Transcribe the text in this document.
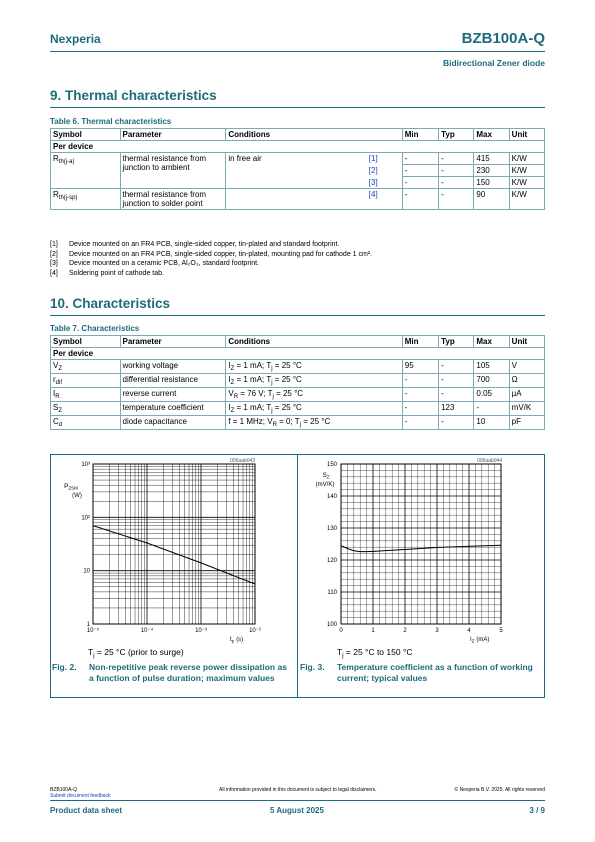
Nexperia	BZB100A-Q
Bidirectional Zener diode
9. Thermal characteristics
Table 6. Thermal characteristics
Symbol	Parameter	Conditions	Min	Typ	Max	Unit
Per device						
$R_{th(j-a)}$	thermal resistance from junction to ambient	in free air	[1] -	-	415	K/W

			[2] -	-	230	K/W

			[3] -	-	150	K/W
$R_{th(j-sp)}$	thermal resistance from junction to solder point		[4] -	-	90	K/W
[1] Device mounted on an FR4 PCB, single-sided copper, tin-plated and standard footprint.
[2] Device mounted on an FR4 PCB, single-sided copper, tin-plated, mounting pad for cathode 1 cm².
[3] Device mounted on a ceramic PCB, Al₂O₃, standard footprint.
[4] Soldering point of cathode tab.
10. Characteristics
Table 7. Characteristics
Symbol	Parameter	Conditions	Min	Typ	Max	Unit
Per device						
$V_Z$	working voltage	$I_Z = 1$ mA; $T_j = 25$ °C	95	-	105	V
$r_{dif}$	differential resistance	$I_Z = 1$ mA; $T_j = 25$ °C	-	-	700	Ω
$I_R$	reverse current	$V_R = 76$ V; $T_j = 25$ °C	-	-	0.05	µA
$S_Z$	temperature coefficient	$I_Z = 1$ mA; $T_j = 25$ °C	-	123	-	mV/K
$C_d$	diode capacitance	f = 1 MHz; $V_R = 0$; $T_j = 25$ °C	-	-	10	pF
006aab043
$P_{ZSM}$
(W)
$t_p$ (s)
10⁻⁵	10⁻⁴	10⁻³	10⁻²
1
10
10²
10³
006aab044
$S_Z$
(mV/K)
$I_Z$ (mA)
0	1	2	3	4	5
100
110
120
130
140
150
$T_j = 25$ °C (prior to surge)	$T_j = 25$ °C to 150 °C
Fig. 2.	Non-repetitive peak reverse power dissipation as a function of pulse duration; maximum values
Fig. 3.	Temperature coefficient as a function of working current; typical values
BZB100A-Q
Submit document feedback
All information provided in this document is subject to legal disclaimers.	© Nexperia B.V. 2025. All rights reserved
Product data sheet	5 August 2025	3 / 9
